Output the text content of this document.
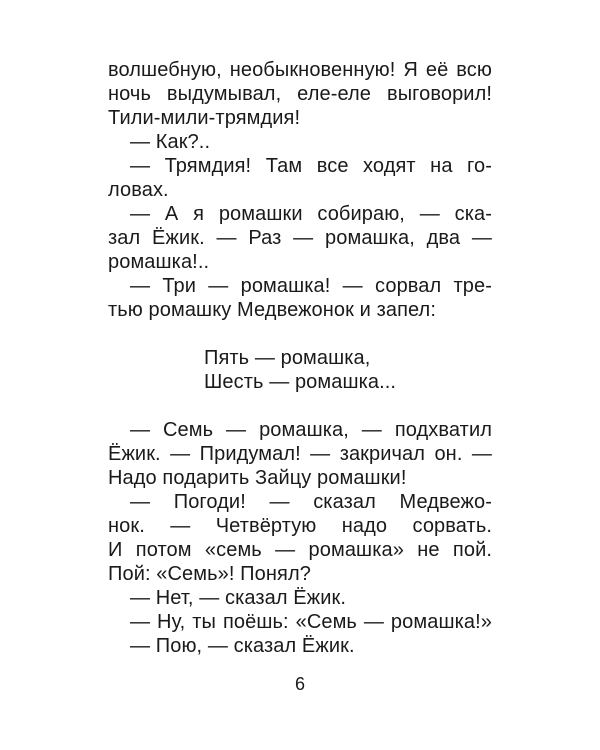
волшебную, необыкновенную! Я её всю
ночь выдумывал, еле-еле выговорил!
Тили-мили-трямдия!
— Как?..
— Трямдия! Там все ходят на го-
ловах.
— А я ромашки собираю, — ска-
зал Ёжик. — Раз — ромашка, два —
ромашка!..
— Три — ромашка! — сорвал тре-
тью ромашку Медвежонок и запел:
Пять — ромашка,
Шесть — ромашка...
— Семь — ромашка, — подхватил
Ёжик. — Придумал! — закричал он. —
Надо подарить Зайцу ромашки!
— Погоди! — сказал Медвежо-
нок. — Четвёртую надо сорвать.
И потом «семь — ромашка» не пой.
Пой: «Семь»! Понял?
— Нет, — сказал Ёжик.
— Ну, ты поёшь: «Семь — ромашка!»
— Пою, — сказал Ёжик.
6
